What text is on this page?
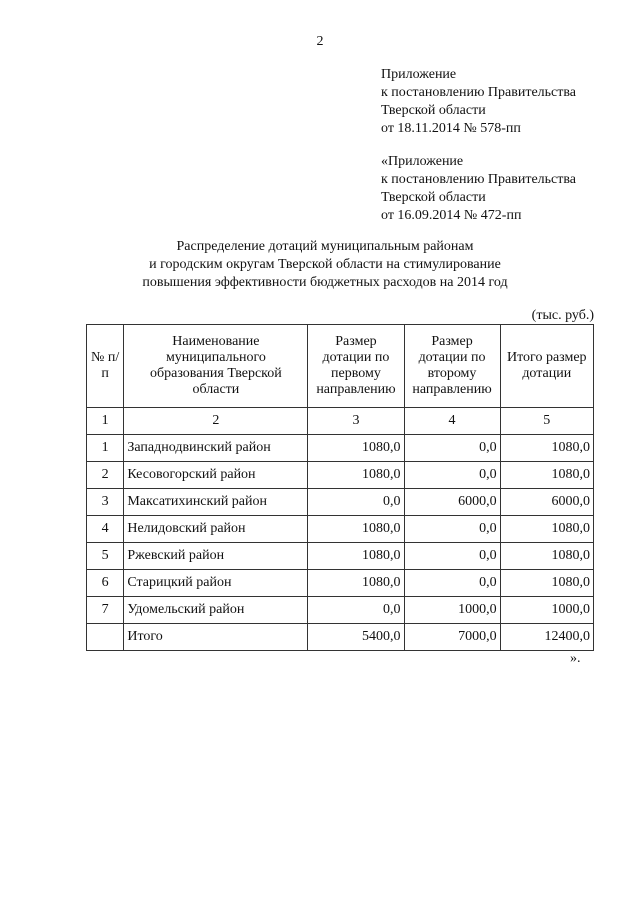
2
Приложение
к постановлению Правительства
Тверской области
от 18.11.2014 № 578-пп
«Приложение
к постановлению Правительства
Тверской области
от 16.09.2014 № 472-пп
Распределение дотаций муниципальным районам
и городским округам Тверской области на стимулирование
повышения эффективности бюджетных расходов на 2014 год
(тыс. руб.)
№ п/п	Наименование муниципального образования Тверской области	Размер дотации по первому направлению	Размер дотации по второму направлению	Итого размер дотации
1	2	3	4	5
1	Западнодвинский район	1080,0	0,0	1080,0
2	Кесовогорский район	1080,0	0,0	1080,0
3	Максатихинский район	0,0	6000,0	6000,0
4	Нелидовский район	1080,0	0,0	1080,0
5	Ржевский район	1080,0	0,0	1080,0
6	Старицкий район	1080,0	0,0	1080,0
7	Удомельский район	0,0	1000,0	1000,0
	Итого	5400,0	7000,0	12400,0
».
